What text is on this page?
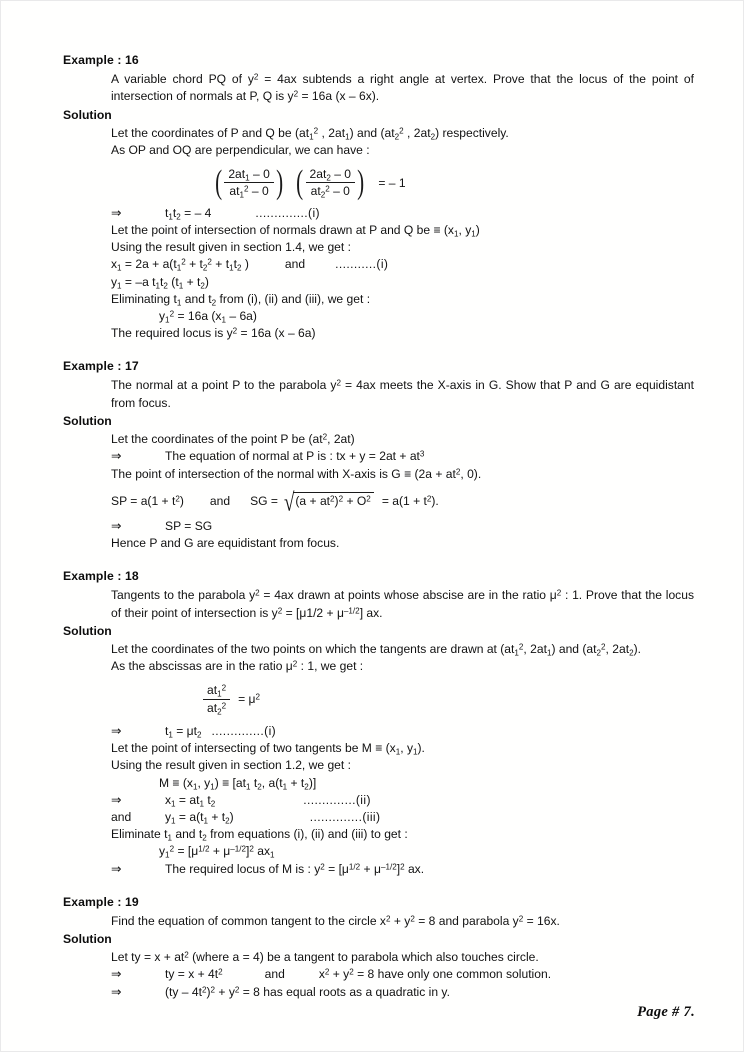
Example : 16
A variable chord PQ of $y^2 = 4ax$ subtends a right angle at vertex. Prove that the locus of the point of intersection of normals at P, Q is $y^2 = 16a$ (x – 6x).
Solution
Let the coordinates of P and Q be ($at_1^2$ , $2at_1$) and ($at_2^2$ , $2at_2$) respectively.
As OP and OQ are perpendicular, we can have :
( $\frac{2at_1 - 0}{at_1^2 - 0}$ ) ( $\frac{2at_2 - 0}{at_2^2 - 0}$ ) = – 1
⇒	$t_1t_2$ = – 4	..............(i)
Let the point of intersection of normals drawn at P and Q be ≡ ($x_1$, $y_1$)
Using the result given in section 1.4, we get :
$x_1 = 2a + a(t_1^2 + t_2^2 + t_1t_2$ )	and ...........(i)
$y_1 = -a$ $t_1t_2$ $(t_1 + t_2)$
Eliminating $t_1$ and $t_2$ from (i), (ii) and (iii), we get :
$y_1^2 = 16a$ $(x_1 - 6a)$
The required locus is $y^2 = 16a$ (x – 6a)
Example : 17
The normal at a point P to the parabola $y^2 = 4ax$ meets the X-axis in G. Show that P and G are equidistant from focus.
Solution
Let the coordinates of the point P be ($at^2$, 2at)
⇒	The equation of normal at P is : tx + $y = 2at + at^3$
The point of intersection of the normal with X-axis is $G \equiv (2a + at^2$, 0).
SP = $a(1 + t^2)$ and SG = √ $(a + at^2)^2 + O^2 = a(1 + t^2)$.
⇒	SP = SG
Hence P and G are equidistant from focus.
Example : 18
Tangents to the parabola $y^2 = 4ax$ drawn at points whose abscise are in the ratio $\mu^2$ : 1. Prove that the locus of their point of intersection is $y^2 = [\mu 1/2 + \mu^{-1/2}]$ ax.
Solution
Let the coordinates of the two points on which the tangents are drawn at ($at_1^2$, $2at_1$) and ($at_2^2$, $2at_2$).
As the abscissas are in the ratio $\mu^2$ : 1, we get :
$\frac{at_1^2}{at_2^2} = \mu^2$
⇒	$t_1 = \mu t_2$ ..............(i)
Let the point of intersecting of two tangents be $M \equiv (x_1$, $y_1$).
Using the result given in section 1.2, we get :
$M \equiv (x_1$, $y_1) \equiv [at_1$ $t_2$, $a(t_1 + t_2)$]
⇒	$x_1 = at_1$ $t_2$	..............(ii)
and	$y_1 = a(t_1 + t_2)$	..............(iii)
Eliminate $t_1$ and $t_2$ from equations (i), (ii) and (iii) to get :
$y_1^2 = [\mu^{1/2} + \mu^{-1/2}]^2$ $ax_1$
⇒	The required locus of M is : $y^2 = [\mu^{1/2} + \mu^{-1/2}]^2$ ax.
Example : 19
Find the equation of common tangent to the circle $x^2 + y^2 = 8$ and parabola $y^2 = 16x$.
Solution
Let ty = $x + at^2$ (where a = 4) be a tangent to parabola which also touches circle.
⇒	ty = $x + 4t^2$	and	$x^2 + y^2 = 8$ have only one common solution.
⇒	$(ty - 4t^2)^2 + y^2 = 8$ has equal roots as a quadratic in y.
Page # 7.
